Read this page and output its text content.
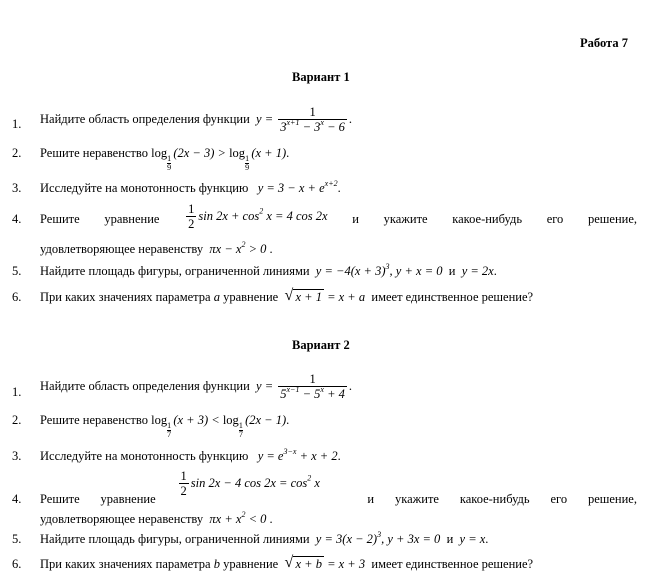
Работа 7
Вариант 1
1. Найдите область определения функции $y = \frac{1}{3^{x+1} - 3^x - 6}$ .
2. Решите неравенство log 1
9
(2x − 3) > log 1
9
(x + 1).
3. Исследуйте на монотонность функцию $y = 3 - x + e^{x+2}$.
4. Решите уравнение $\frac{1}{2}$ $\sin 2x + \cos^2 x = 4$ cos 2x и укажите какое-нибудь его решение,
удовлетворяющее неравенству $\pi x - x^2 > 0$ .
5. Найдите площадь фигуры, ограниченной линиями $y = -4(x + 3)^3$, y + x = 0 и y = 2x.
6. При каких значениях параметра a уравнение √ x + 1 = x + a имеет единственное решение?
Вариант 2
1. Найдите область определения функции $y = \frac{1}{5^{x-1} - 5^x + 4}$ .
2. Решите неравенство log 1
7
(x + 3) < log 1
7
(2x − 1).
3. Исследуйте на монотонность функцию $y = e^{3-x} + x + 2$.
4. Решите уравнение
$\frac{1}{2}$ sin 2x − 4 $\cos 2x = \cos^2 x$
и укажите какое-нибудь его решение,
удовлетворяющее неравенству $\pi x + x^2 < 0$ .
5. Найдите площадь фигуры, ограниченной линиями $y = 3(x - 2)^3$, y + 3x = 0 и y = x.
6. При каких значениях параметра b уравнение √ x + b = x + 3 имеет единственное решение?
